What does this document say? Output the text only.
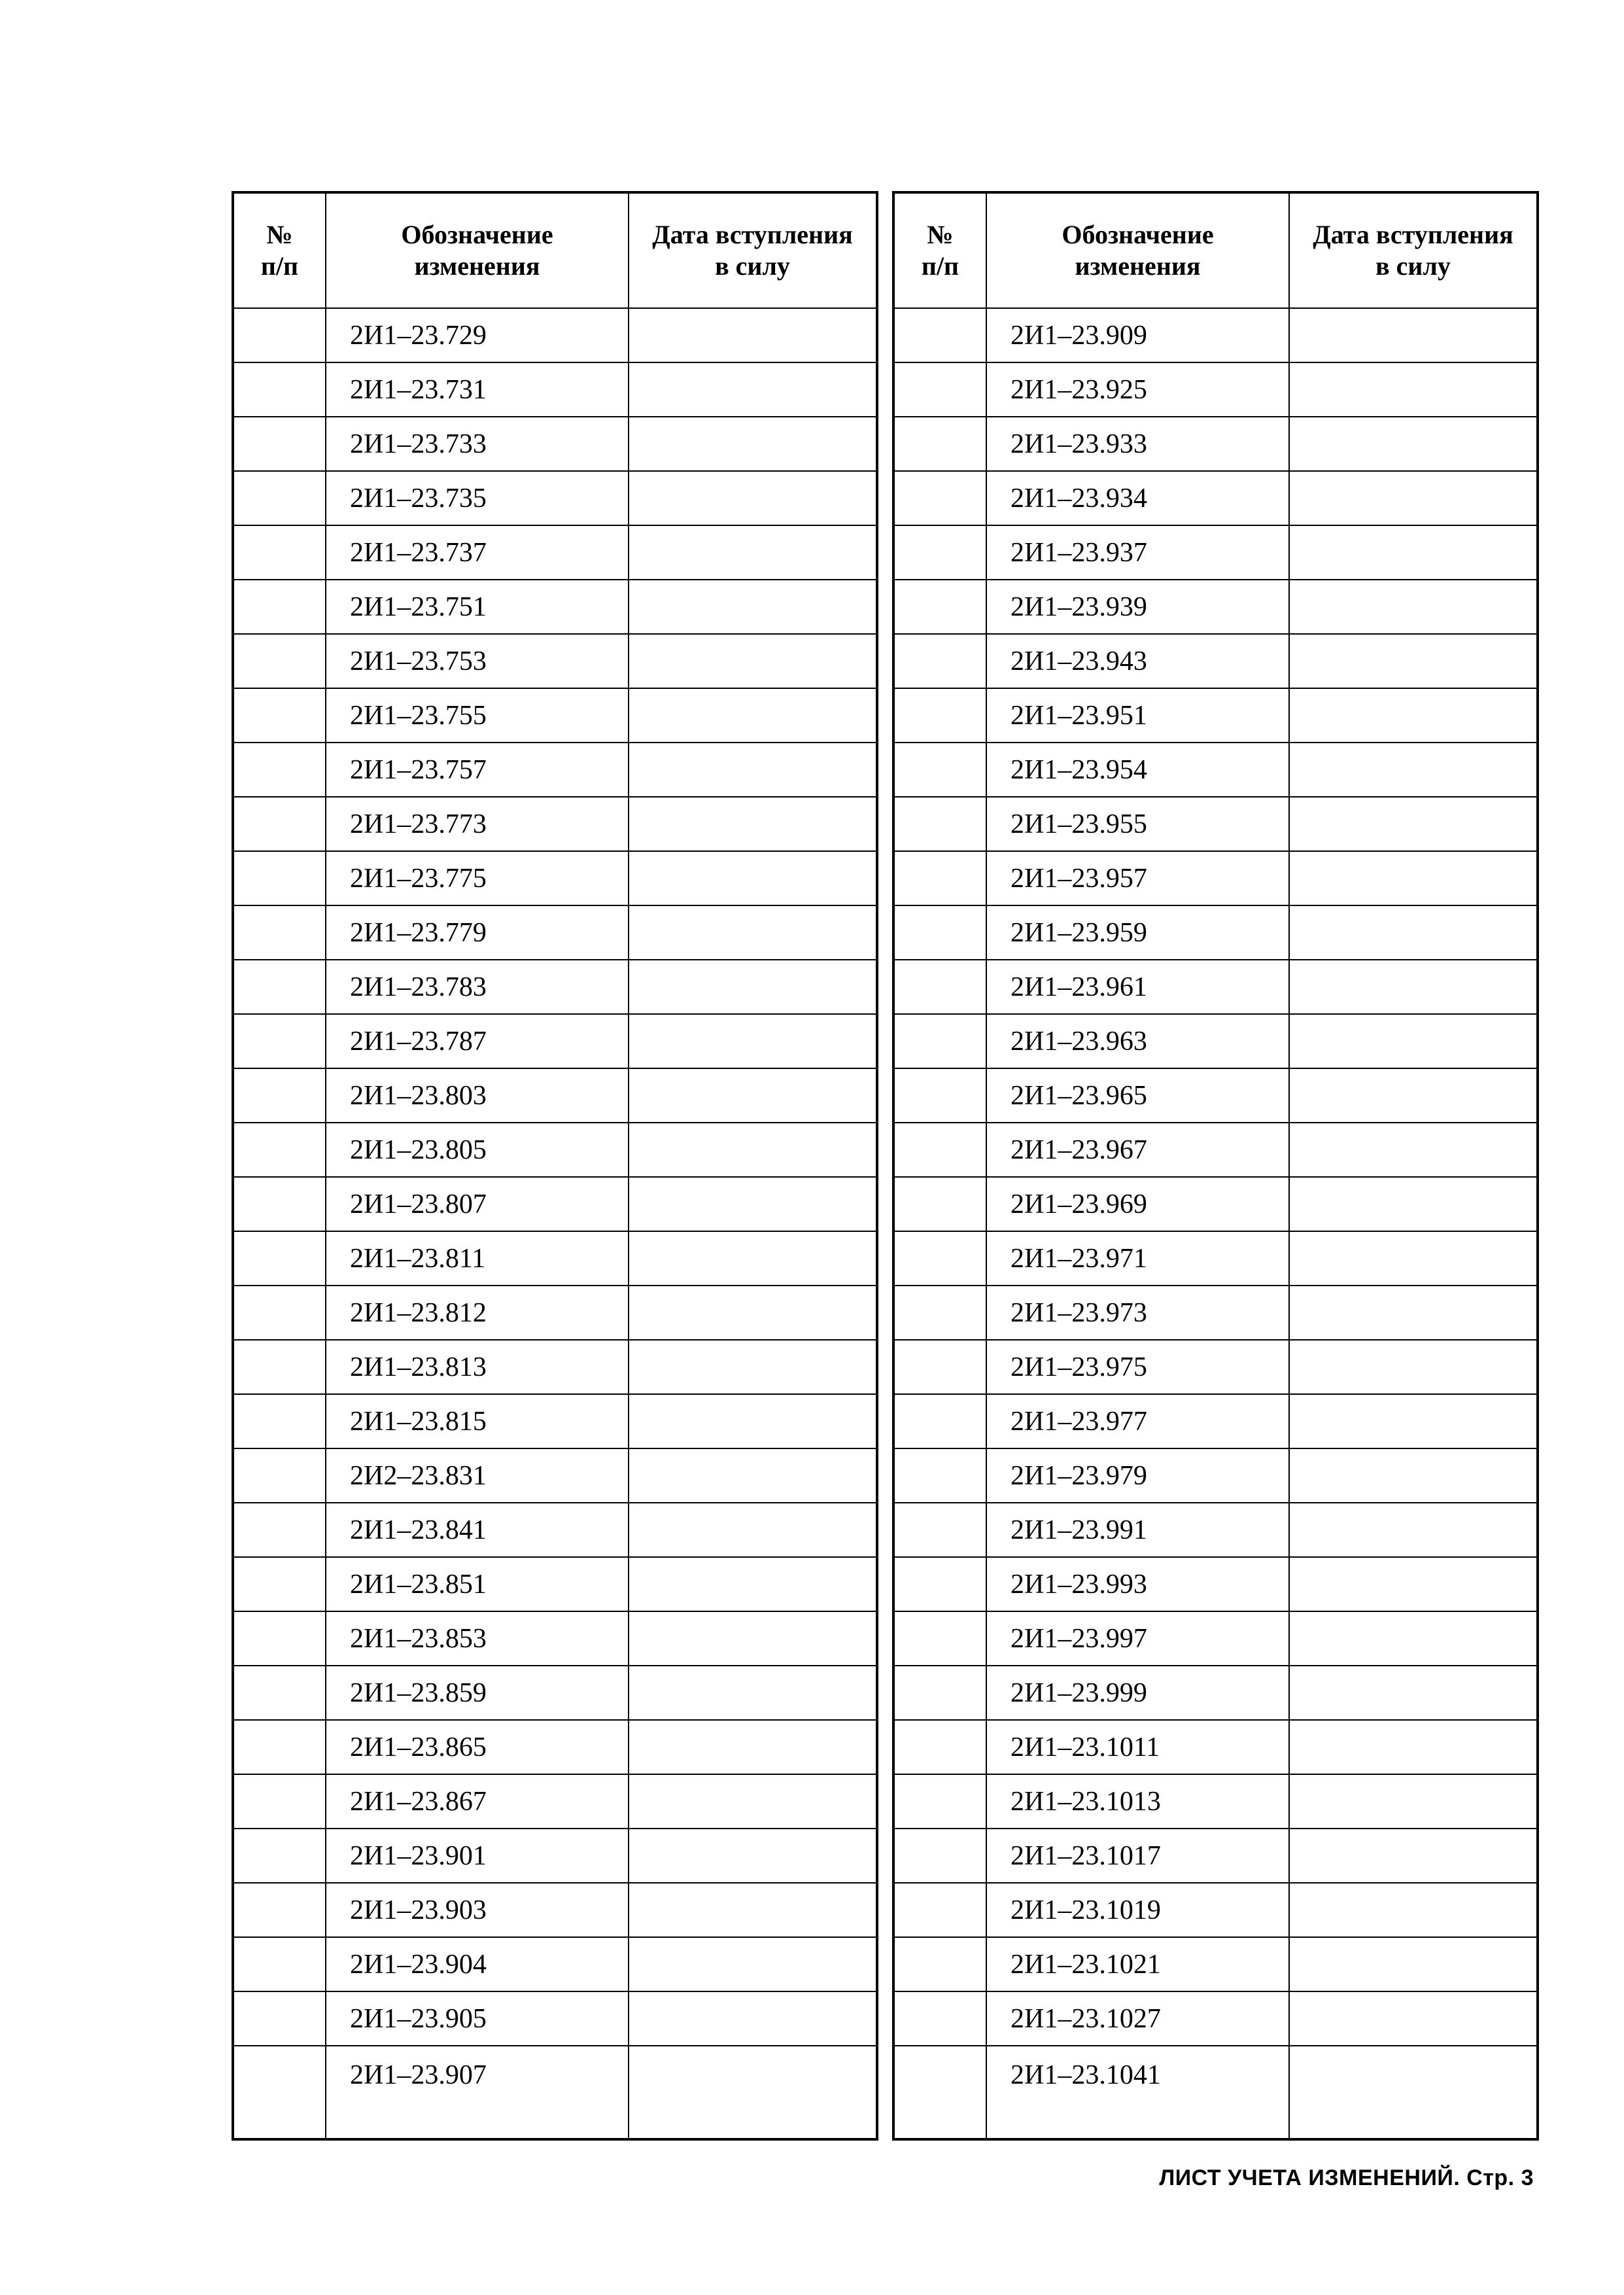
№
п/п	Обозначение
изменения	Дата вступления
в силу

	2И1–23.729	
	2И1–23.731	
	2И1–23.733	
	2И1–23.735	
	2И1–23.737	
	2И1–23.751	
	2И1–23.753	
	2И1–23.755	
	2И1–23.757	
	2И1–23.773	
	2И1–23.775	
	2И1–23.779	
	2И1–23.783	
	2И1–23.787	
	2И1–23.803	
	2И1–23.805	
	2И1–23.807	
	2И1–23.811	
	2И1–23.812	
	2И1–23.813	
	2И1–23.815	
	2И2–23.831	
	2И1–23.841	
	2И1–23.851	
	2И1–23.853	
	2И1–23.859	
	2И1–23.865	
	2И1–23.867	
	2И1–23.901	
	2И1–23.903	
	2И1–23.904	
	2И1–23.905	
	2И1–23.907	
№
п/п	Обозначение
изменения	Дата вступления
в силу

	2И1–23.909	
	2И1–23.925	
	2И1–23.933	
	2И1–23.934	
	2И1–23.937	
	2И1–23.939	
	2И1–23.943	
	2И1–23.951	
	2И1–23.954	
	2И1–23.955	
	2И1–23.957	
	2И1–23.959	
	2И1–23.961	
	2И1–23.963	
	2И1–23.965	
	2И1–23.967	
	2И1–23.969	
	2И1–23.971	
	2И1–23.973	
	2И1–23.975	
	2И1–23.977	
	2И1–23.979	
	2И1–23.991	
	2И1–23.993	
	2И1–23.997	
	2И1–23.999	
	2И1–23.1011	
	2И1–23.1013	
	2И1–23.1017	
	2И1–23.1019	
	2И1–23.1021	
	2И1–23.1027	
	2И1–23.1041	
ЛИСТ УЧЕТА ИЗМЕНЕНИЙ. Стр. 3
